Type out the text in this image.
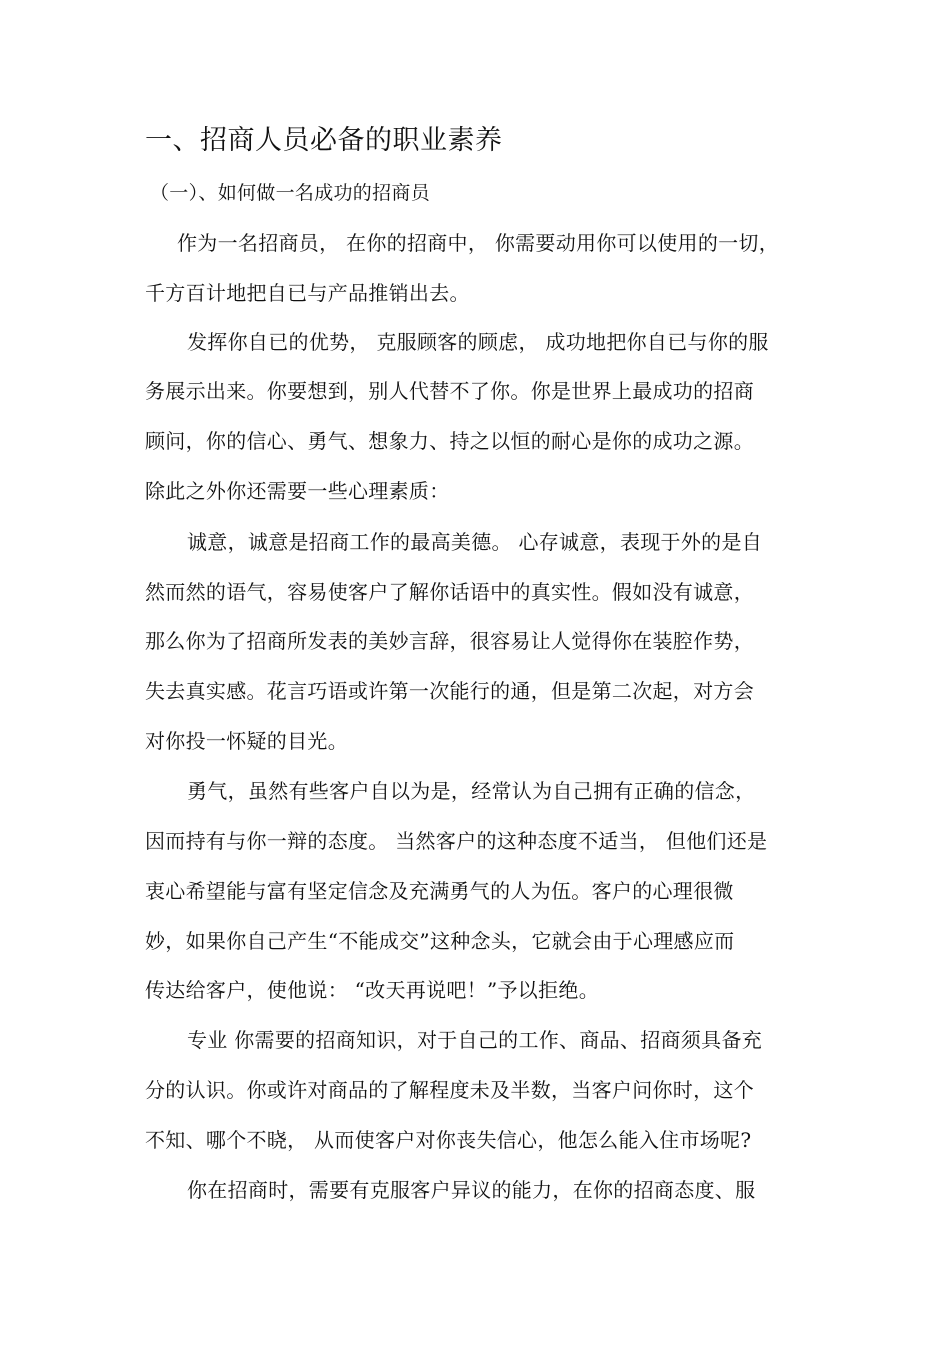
一、招商人员必备的职业素养
（一）、如何做一名成功的招商员
作为一名招商员， 在你的招商中， 你需要动用你可以使用的一切，
千方百计地把自已与产品推销出去。
发挥你自已的优势， 克服顾客的顾虑， 成功地把你自已与你的服
务展示出来。你要想到，别人代替不了你。你是世界上最成功的招商
顾问，你的信心、勇气、想象力、持之以恒的耐心是你的成功之源。
除此之外你还需要一些心理素质：
诚意，诚意是招商工作的最高美德。 心存诚意，表现于外的是自
然而然的语气，容易使客户了解你话语中的真实性。假如没有诚意，
那么你为了招商所发表的美妙言辞，很容易让人觉得你在装腔作势，
失去真实感。花言巧语或许第一次能行的通，但是第二次起，对方会
对你投一怀疑的目光。
勇气，虽然有些客户自以为是，经常认为自己拥有正确的信念，
因而持有与你一辩的态度。 当然客户的这种态度不适当， 但他们还是
衷心希望能与富有坚定信念及充满勇气的人为伍。客户的心理很微
妙，如果你自己产生“不能成交”这种念头，它就会由于心理感应而
传达给客户，使他说： “改天再说吧！”予以拒绝。
专业 你需要的招商知识，对于自己的工作、商品、招商须具备充
分的认识。你或许对商品的了解程度未及半数，当客户问你时，这个
不知、哪个不晓， 从而使客户对你丧失信心，他怎么能入住市场呢?
你在招商时，需要有克服客户异议的能力，在你的招商态度、服
